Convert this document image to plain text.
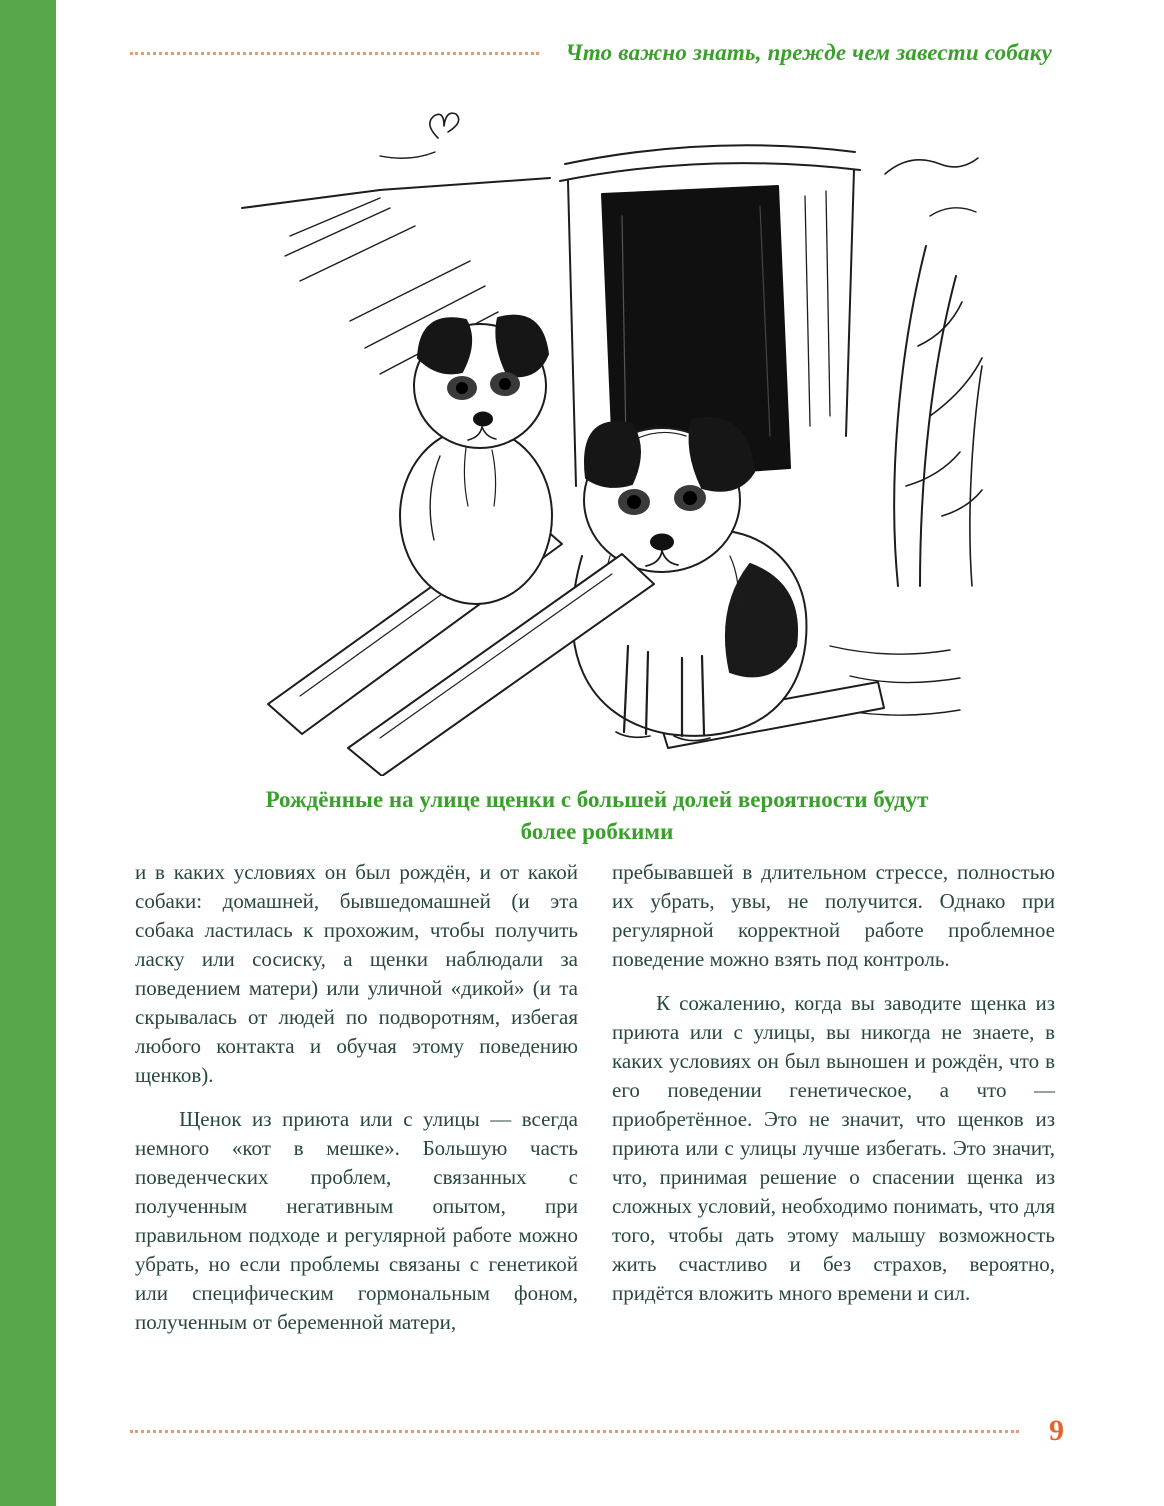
Что важно знать, прежде чем завести собаку
Рождённые на улице щенки с большей долей вероятности будут
более робкими

и в каких условиях он был рождён, и от какой собаки: домашней, бывшедомашней (и эта собака ластилась к прохожим, чтобы получить ласку или сосиску, а щенки наблюдали за поведением матери) или уличной «дикой» (и та скрывалась от людей по подворотням, избегая любого контакта и обучая этому поведению щенков).

Щенок из приюта или с улицы — всегда немного «кот в мешке». Большую часть поведенческих проблем, связанных с полученным негативным опытом, при правильном подходе и регулярной работе можно убрать, но если проблемы связаны с генетикой или специфическим гормональным фоном, полученным от беременной матери,

пребывавшей в длительном стрессе, полностью их убрать, увы, не получится. Однако при регулярной корректной работе проблемное поведение можно взять под контроль.

К сожалению, когда вы заводите щенка из приюта или с улицы, вы никогда не знаете, в каких условиях он был выношен и рождён, что в его поведении генетическое, а что — приобретённое. Это не значит, что щенков из приюта или с улицы лучше избегать. Это значит, что, принимая решение о спасении щенка из сложных условий, необходимо понимать, что для того, чтобы дать этому малышу возможность жить счастливо и без страхов, вероятно, придётся вложить много времени и сил.

9
